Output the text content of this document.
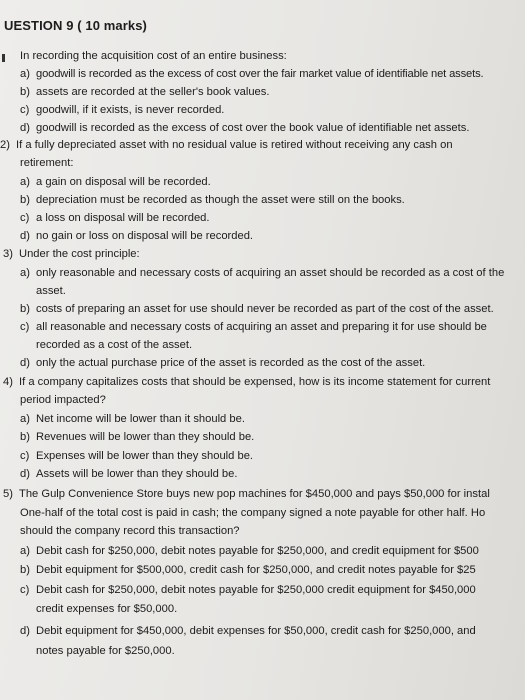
UESTION 9 ( 10 marks)
In recording the acquisition cost of an entire business:
a) goodwill is recorded as the excess of cost over the fair market value of identifiable net assets.
b) assets are recorded at the seller's book values.
c) goodwill, if it exists, is never recorded.
d) goodwill is recorded as the excess of cost over the book value of identifiable net assets.
2) If a fully depreciated asset with no residual value is retired without receiving any cash on
retirement:
a) a gain on disposal will be recorded.
b) depreciation must be recorded as though the asset were still on the books.
c) a loss on disposal will be recorded.
d) no gain or loss on disposal will be recorded.
3) Under the cost principle:
a) only reasonable and necessary costs of acquiring an asset should be recorded as a cost of the
asset.
b) costs of preparing an asset for use should never be recorded as part of the cost of the asset.
c) all reasonable and necessary costs of acquiring an asset and preparing it for use should be
recorded as a cost of the asset.
d) only the actual purchase price of the asset is recorded as the cost of the asset.
4) If a company capitalizes costs that should be expensed, how is its income statement for current
period impacted?
a) Net income will be lower than it should be.
b) Revenues will be lower than they should be.
c) Expenses will be lower than they should be.
d) Assets will be lower than they should be.
5) The Gulp Convenience Store buys new pop machines for $450,000 and pays $50,000 for instal
One-half of the total cost is paid in cash; the company signed a note payable for other half. Ho
should the company record this transaction?
a) Debit cash for $250,000, debit notes payable for $250,000, and credit equipment for $500
b) Debit equipment for $500,000, credit cash for $250,000, and credit notes payable for $25
c) Debit cash for $250,000, debit notes payable for $250,000 credit equipment for $450,000
credit expenses for $50,000.
d) Debit equipment for $450,000, debit expenses for $50,000, credit cash for $250,000, and
notes payable for $250,000.
